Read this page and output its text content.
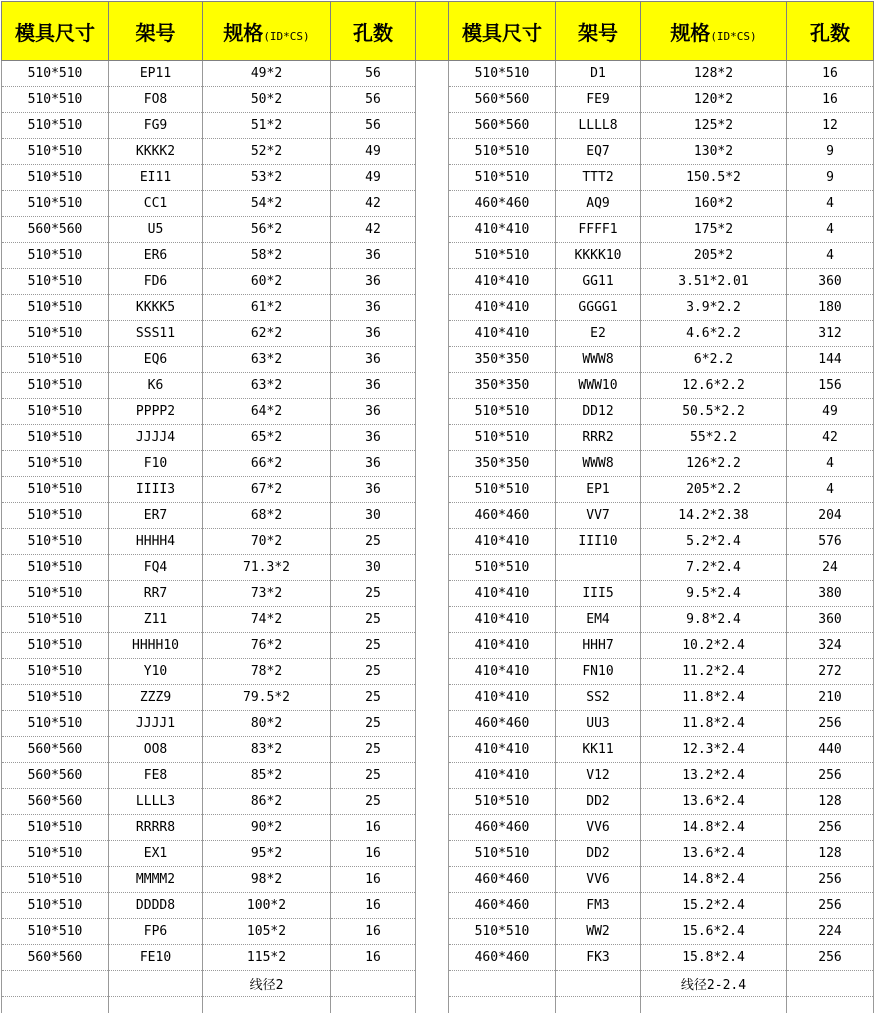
模具尺寸	架号	规格(ID*CS)	孔数		模具尺寸	架号	规格(ID*CS)	孔数
510*510	EP11	49*2	56		510*510	D1	128*2	16
510*510	FO8	50*2	56		560*560	FE9	120*2	16
510*510	FG9	51*2	56		560*560	LLLL8	125*2	12
510*510	KKKK2	52*2	49		510*510	EQ7	130*2	9
510*510	EI11	53*2	49		510*510	TTT2	150.5*2	9
510*510	CC1	54*2	42		460*460	AQ9	160*2	4
560*560	U5	56*2	42		410*410	FFFF1	175*2	4
510*510	ER6	58*2	36		510*510	KKKK10	205*2	4
510*510	FD6	60*2	36		410*410	GG11	3.51*2.01	360
510*510	KKKK5	61*2	36		410*410	GGGG1	3.9*2.2	180
510*510	SSS11	62*2	36		410*410	E2	4.6*2.2	312
510*510	EQ6	63*2	36		350*350	WWW8	6*2.2	144
510*510	K6	63*2	36		350*350	WWW10	12.6*2.2	156
510*510	PPPP2	64*2	36		510*510	DD12	50.5*2.2	49
510*510	JJJJ4	65*2	36		510*510	RRR2	55*2.2	42
510*510	F10	66*2	36		350*350	WWW8	126*2.2	4
510*510	IIII3	67*2	36		510*510	EP1	205*2.2	4
510*510	ER7	68*2	30		460*460	VV7	14.2*2.38	204
510*510	HHHH4	70*2	25		410*410	III10	5.2*2.4	576
510*510	FQ4	71.3*2	30		510*510		7.2*2.4	24
510*510	RR7	73*2	25		410*410	III5	9.5*2.4	380
510*510	Z11	74*2	25		410*410	EM4	9.8*2.4	360
510*510	HHHH10	76*2	25		410*410	HHH7	10.2*2.4	324
510*510	Y10	78*2	25		410*410	FN10	11.2*2.4	272
510*510	ZZZ9	79.5*2	25		410*410	SS2	11.8*2.4	210
510*510	JJJJ1	80*2	25		460*460	UU3	11.8*2.4	256
560*560	OO8	83*2	25		410*410	KK11	12.3*2.4	440
560*560	FE8	85*2	25		410*410	V12	13.2*2.4	256
560*560	LLLL3	86*2	25		510*510	DD2	13.6*2.4	128
510*510	RRRR8	90*2	16		460*460	VV6	14.8*2.4	256
510*510	EX1	95*2	16		510*510	DD2	13.6*2.4	128
510*510	MMMM2	98*2	16		460*460	VV6	14.8*2.4	256
510*510	DDDD8	100*2	16		460*460	FM3	15.2*2.4	256
510*510	FP6	105*2	16		510*510	WW2	15.6*2.4	224
560*560	FE10	115*2	16		460*460	FK3	15.8*2.4	256
		线径2					线径2-2.4	
